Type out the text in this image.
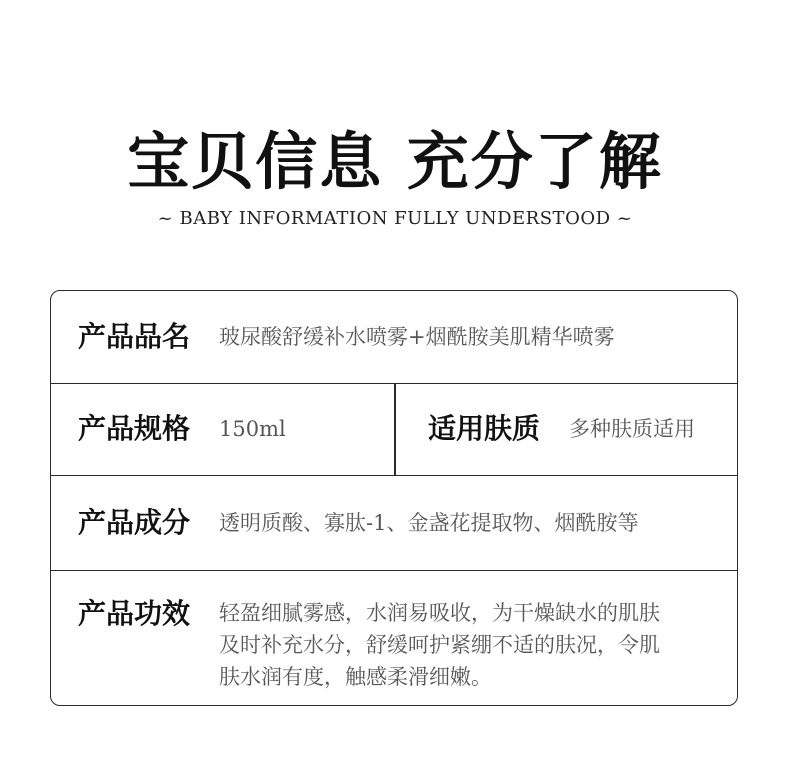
宝贝信息 充分了解
~ BABY INFORMATION FULLY UNDERSTOOD ~
产品品名 玻尿酸舒缓补水喷雾+烟酰胺美肌精华喷雾
产品规格 150ml	适用肤质 多种肤质适用
产品成分 透明质酸、寡肽-1、金盏花提取物、烟酰胺等
产品功效 轻盈细腻雾感，水润易吸收，为干燥缺水的肌肤
及时补充水分，舒缓呵护紧绷不适的肤况，令肌
肤水润有度，触感柔滑细嫩。
